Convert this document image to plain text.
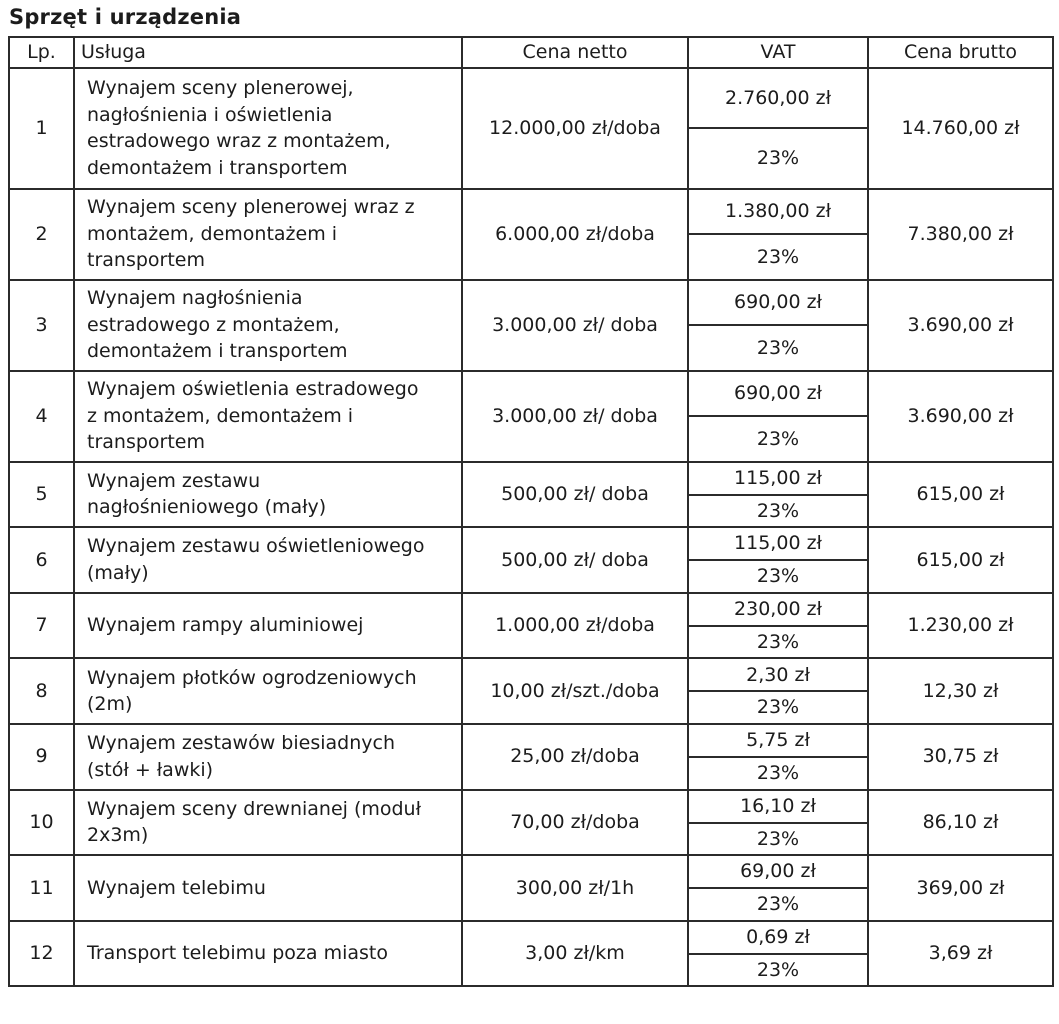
Sprzęt i urządzenia
Lp.	Usługa	Cena netto	VAT	Cena brutto
1	Wynajem sceny plenerowej, nagłośnienia i oświetlenia estradowego wraz z montażem, demontażem i transportem	12.000,00 zł/doba	2.760,00 zł	14.760,00 zł
			23%	
2	Wynajem sceny plenerowej wraz z montażem, demontażem i transportem	6.000,00 zł/doba	1.380,00 zł	7.380,00 zł
			23%	
3	Wynajem nagłośnienia estradowego z montażem, demontażem i transportem	3.000,00 zł/ doba	690,00 zł	3.690,00 zł
			23%	
4	Wynajem oświetlenia estradowego z montażem, demontażem i transportem	3.000,00 zł/ doba	690,00 zł	3.690,00 zł
			23%	
5	Wynajem zestawu nagłośnieniowego (mały)	500,00 zł/ doba	115,00 zł	615,00 zł
			23%	
6	Wynajem zestawu oświetleniowego (mały)	500,00 zł/ doba	115,00 zł	615,00 zł
			23%	
7	Wynajem rampy aluminiowej	1.000,00 zł/doba	230,00 zł	1.230,00 zł
			23%	
8	Wynajem płotków ogrodzeniowych (2m)	10,00 zł/szt./doba	2,30 zł	12,30 zł
			23%	
9	Wynajem zestawów biesiadnych (stół + ławki)	25,00 zł/doba	5,75 zł	30,75 zł
			23%	
10	Wynajem sceny drewnianej (moduł 2x3m)	70,00 zł/doba	16,10 zł	86,10 zł
			23%	
11	Wynajem telebimu	300,00 zł/1h	69,00 zł	369,00 zł
			23%	
12	Transport telebimu poza miasto	3,00 zł/km	0,69 zł	3,69 zł
			23%	
